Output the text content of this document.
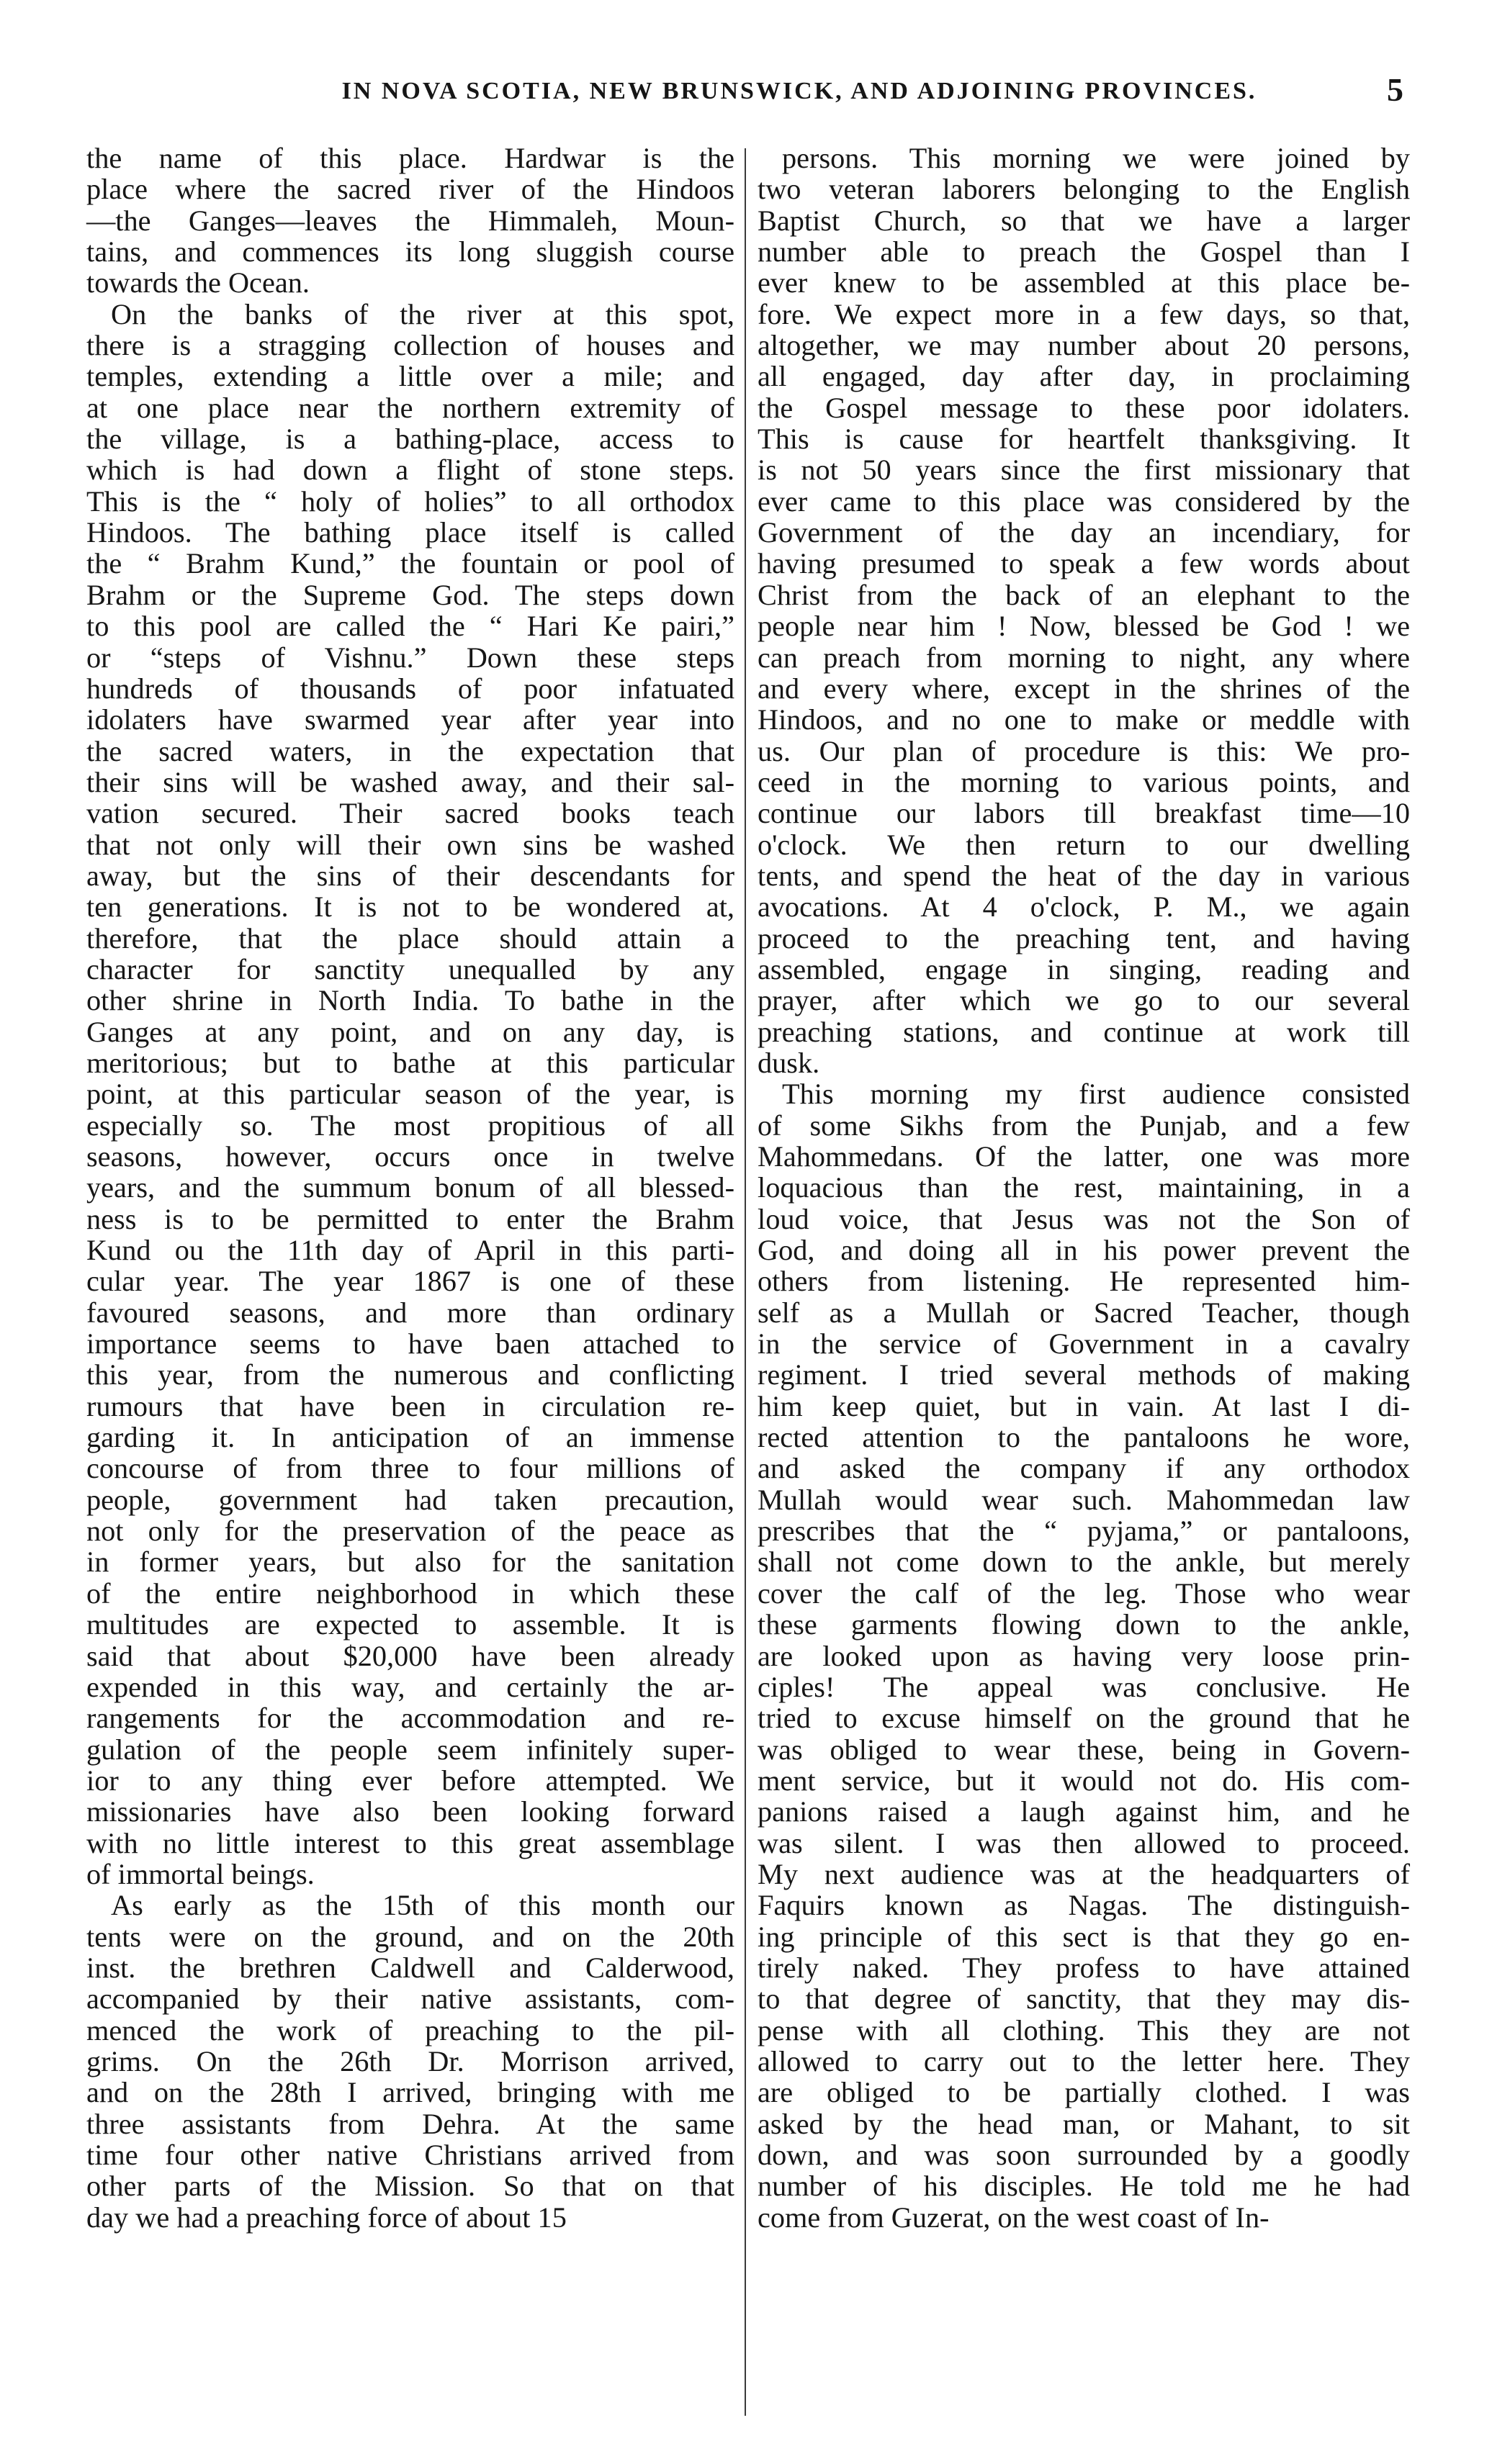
IN NOVA SCOTIA, NEW BRUNSWICK, AND ADJOINING PROVINCES.	5
the name of this place. Hardwar is the
place where the sacred river of the Hindoos
—the Ganges—leaves the Himmaleh, Moun-
tains, and commences its long sluggish course
towards the Ocean.
On the banks of the river at this spot,
there is a stragging collection of houses and
temples, extending a little over a mile; and
at one place near the northern extremity of
the village, is a bathing-place, access to
which is had down a flight of stone steps.
This is the “ holy of holies” to all orthodox
Hindoos. The bathing place itself is called
the “ Brahm Kund,” the fountain or pool of
Brahm or the Supreme God. The steps down
to this pool are called the “ Hari Ke pairi,”
or “steps of Vishnu.” Down these steps
hundreds of thousands of poor infatuated
idolaters have swarmed year after year into
the sacred waters, in the expectation that
their sins will be washed away, and their sal-
vation secured. Their sacred books teach
that not only will their own sins be washed
away, but the sins of their descendants for
ten generations. It is not to be wondered at,
therefore, that the place should attain a
character for sanctity unequalled by any
other shrine in North India. To bathe in the
Ganges at any point, and on any day, is
meritorious; but to bathe at this particular
point, at this particular season of the year, is
especially so. The most propitious of all
seasons, however, occurs once in twelve
years, and the summum bonum of all blessed-
ness is to be permitted to enter the Brahm
Kund ou the 11th day of April in this parti-
cular year. The year 1867 is one of these
favoured seasons, and more than ordinary
importance seems to have baen attached to
this year, from the numerous and conflicting
rumours that have been in circulation re-
garding it. In anticipation of an immense
concourse of from three to four millions of
people, government had taken precaution,
not only for the preservation of the peace as
in former years, but also for the sanitation
of the entire neighborhood in which these
multitudes are expected to assemble. It is
said that about $20,000 have been already
expended in this way, and certainly the ar-
rangements for the accommodation and re-
gulation of the people seem infinitely super-
ior to any thing ever before attempted. We
missionaries have also been looking forward
with no little interest to this great assemblage
of immortal beings.
As early as the 15th of this month our
tents were on the ground, and on the 20th
inst. the brethren Caldwell and Calderwood,
accompanied by their native assistants, com-
menced the work of preaching to the pil-
grims. On the 26th Dr. Morrison arrived,
and on the 28th I arrived, bringing with me
three assistants from Dehra. At the same
time four other native Christians arrived from
other parts of the Mission. So that on that
day we had a preaching force of about 15
persons. This morning we were joined by
two veteran laborers belonging to the English
Baptist Church, so that we have a larger
number able to preach the Gospel than I
ever knew to be assembled at this place be-
fore. We expect more in a few days, so that,
altogether, we may number about 20 persons,
all engaged, day after day, in proclaiming
the Gospel message to these poor idolaters.
This is cause for heartfelt thanksgiving. It
is not 50 years since the first missionary that
ever came to this place was considered by the
Government of the day an incendiary, for
having presumed to speak a few words about
Christ from the back of an elephant to the
people near him ! Now, blessed be God ! we
can preach from morning to night, any where
and every where, except in the shrines of the
Hindoos, and no one to make or meddle with
us. Our plan of procedure is this: We pro-
ceed in the morning to various points, and
continue our labors till breakfast time—10
o'clock. We then return to our dwelling
tents, and spend the heat of the day in various
avocations. At 4 o'clock, P. M., we again
proceed to the preaching tent, and having
assembled, engage in singing, reading and
prayer, after which we go to our several
preaching stations, and continue at work till
dusk.
This morning my first audience consisted
of some Sikhs from the Punjab, and a few
Mahommedans. Of the latter, one was more
loquacious than the rest, maintaining, in a
loud voice, that Jesus was not the Son of
God, and doing all in his power prevent the
others from listening. He represented him-
self as a Mullah or Sacred Teacher, though
in the service of Government in a cavalry
regiment. I tried several methods of making
him keep quiet, but in vain. At last I di-
rected attention to the pantaloons he wore,
and asked the company if any orthodox
Mullah would wear such. Mahommedan law
prescribes that the “ pyjama,” or pantaloons,
shall not come down to the ankle, but merely
cover the calf of the leg. Those who wear
these garments flowing down to the ankle,
are looked upon as having very loose prin-
ciples! The appeal was conclusive. He
tried to excuse himself on the ground that he
was obliged to wear these, being in Govern-
ment service, but it would not do. His com-
panions raised a laugh against him, and he
was silent. I was then allowed to proceed.
My next audience was at the headquarters of
Faquirs known as Nagas. The distinguish-
ing principle of this sect is that they go en-
tirely naked. They profess to have attained
to that degree of sanctity, that they may dis-
pense with all clothing. This they are not
allowed to carry out to the letter here. They
are obliged to be partially clothed. I was
asked by the head man, or Mahant, to sit
down, and was soon surrounded by a goodly
number of his disciples. He told me he had
come from Guzerat, on the west coast of In-
